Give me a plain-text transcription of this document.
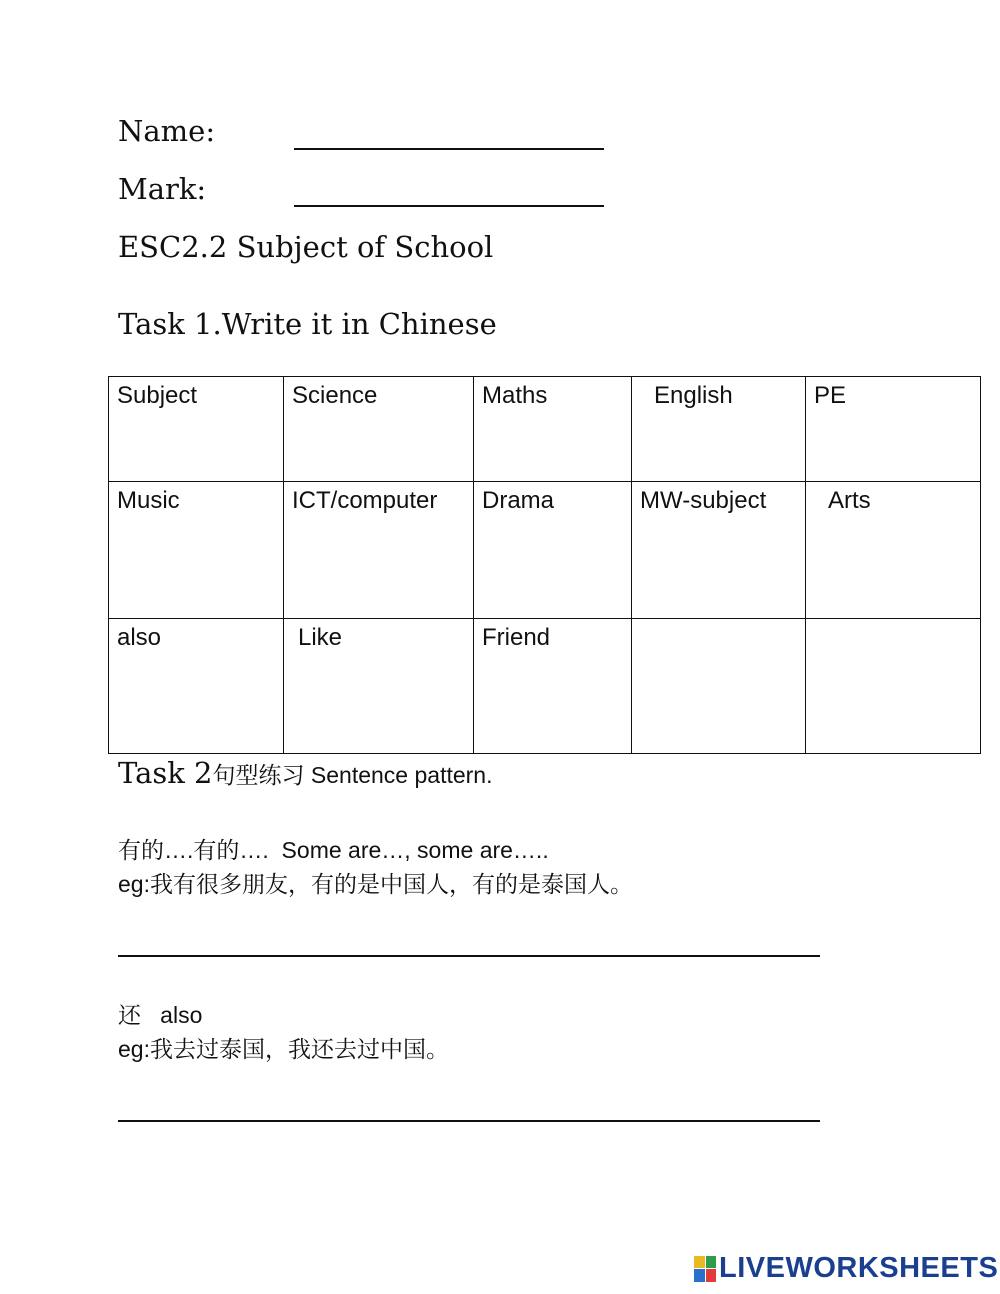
Name:
Mark:
ESC2.2 Subject of School
Task 1.Write it in Chinese
Subject	Science	Maths	English	PE
Music	ICT/computer	Drama	MW-subject	Arts
also	Like	Friend		
Task 2句型练习 Sentence pattern.
有的….有的….  Some are…, some are…..
eg:我有很多朋友，有的是中国人，有的是泰国人。
还   also
eg:我去过泰国，我还去过中国。
LIVEWORKSHEETS
